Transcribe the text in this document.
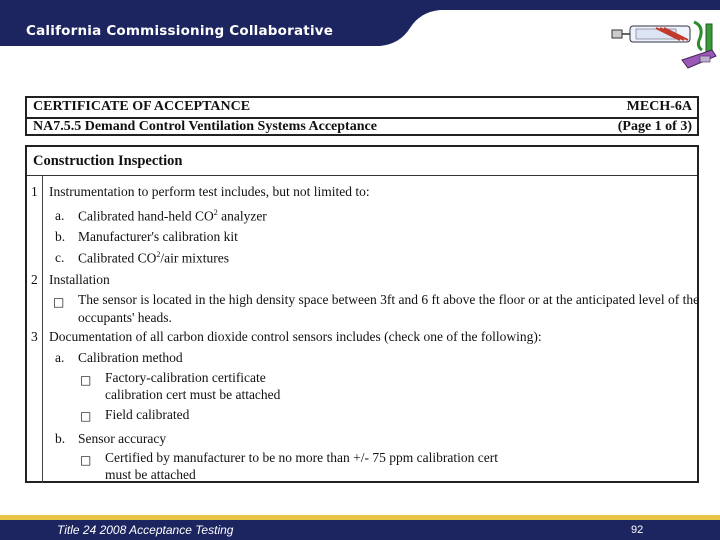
California Commissioning Collaborative
CERTIFICATE OF ACCEPTANCE	MECH-6A
NA7.5.5 Demand Control Ventilation Systems Acceptance	(Page 1 of 3)
Construction Inspection
1 Instrumentation to perform test includes, but not limited to:
a. Calibrated hand-held $CO^2$ analyzer
b. Manufacturer's calibration kit
c. Calibrated $CO^2$/air mixtures
2 Installation
□ The sensor is located in the high density space between 3ft and 6 ft above the floor or at the anticipated level of the
occupants' heads.
3 Documentation of all carbon dioxide control sensors includes (check one of the following):
a. Calibration method
□ Factory-calibration certificate
calibration cert must be attached
□ Field calibrated
b. Sensor accuracy
□ Certified by manufacturer to be no more than +/- 75 ppm calibration cert
must be attached
Title 24 2008 Acceptance Testing	92
